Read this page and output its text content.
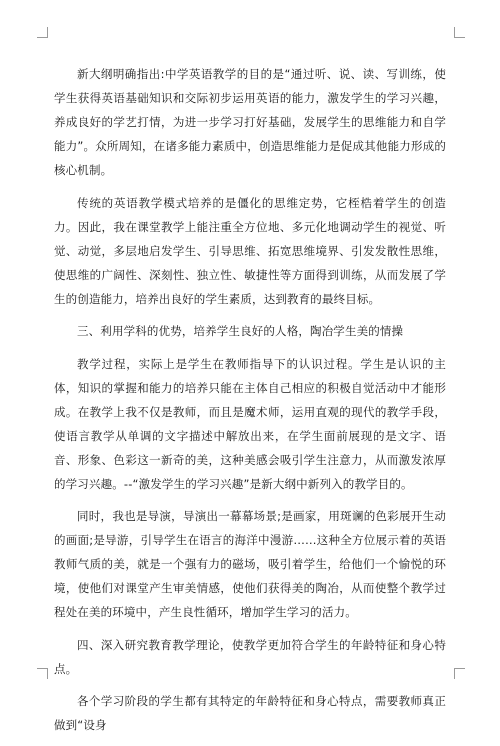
新大纲明确指出:中学英语教学的目的是“通过听、说、读、写训练，使学生获得英语基础知识和交际初步运用英语的能力，激发学生的学习兴趣，养成良好的学艺打情，为进一步学习打好基础，发展学生的思维能力和自学能力”。众所周知，在诸多能力素质中，创造思维能力是促成其他能力形成的核心机制。

传统的英语教学模式培养的是僵化的思维定势，它桎梏着学生的创造力。因此，我在课堂教学上能注重全方位地、多元化地调动学生的视觉、听觉、动觉，多层地启发学生、引导思维、拓宽思维境界、引发发散性思维，使思维的广阔性、深刻性、独立性、敏捷性等方面得到训练，从而发展了学生的创造能力，培养出良好的学生素质，达到教育的最终目标。

三、利用学科的优势，培养学生良好的人格，陶冶学生美的情操

教学过程，实际上是学生在教师指导下的认识过程。学生是认识的主体，知识的掌握和能力的培养只能在主体自己相应的积极自觉活动中才能形成。在教学上我不仅是教师，而且是魔术师，运用直观的现代的教学手段，使语言教学从单调的文字描述中解放出来，在学生面前展现的是文字、语音、形象、色彩这一新奇的美，这种美感会吸引学生注意力，从而激发浓厚的学习兴趣。--“激发学生的学习兴趣”是新大纲中新列入的教学目的。

同时，我也是导演，导演出一幕幕场景;是画家，用斑谰的色彩展开生动的画面;是导游，引导学生在语言的海洋中漫游……这种全方位展示着的英语教师气质的美，就是一个强有力的磁场，吸引着学生，给他们一个愉悦的环境，使他们对课堂产生审美情感，使他们获得美的陶冶，从而使整个教学过程处在美的环境中，产生良性循环，增加学生学习的活力。

四、深入研究教育教学理论，使教学更加符合学生的年龄特征和身心特点。

各个学习阶段的学生都有其特定的年龄特征和身心特点，需要教师真正做到“设身
